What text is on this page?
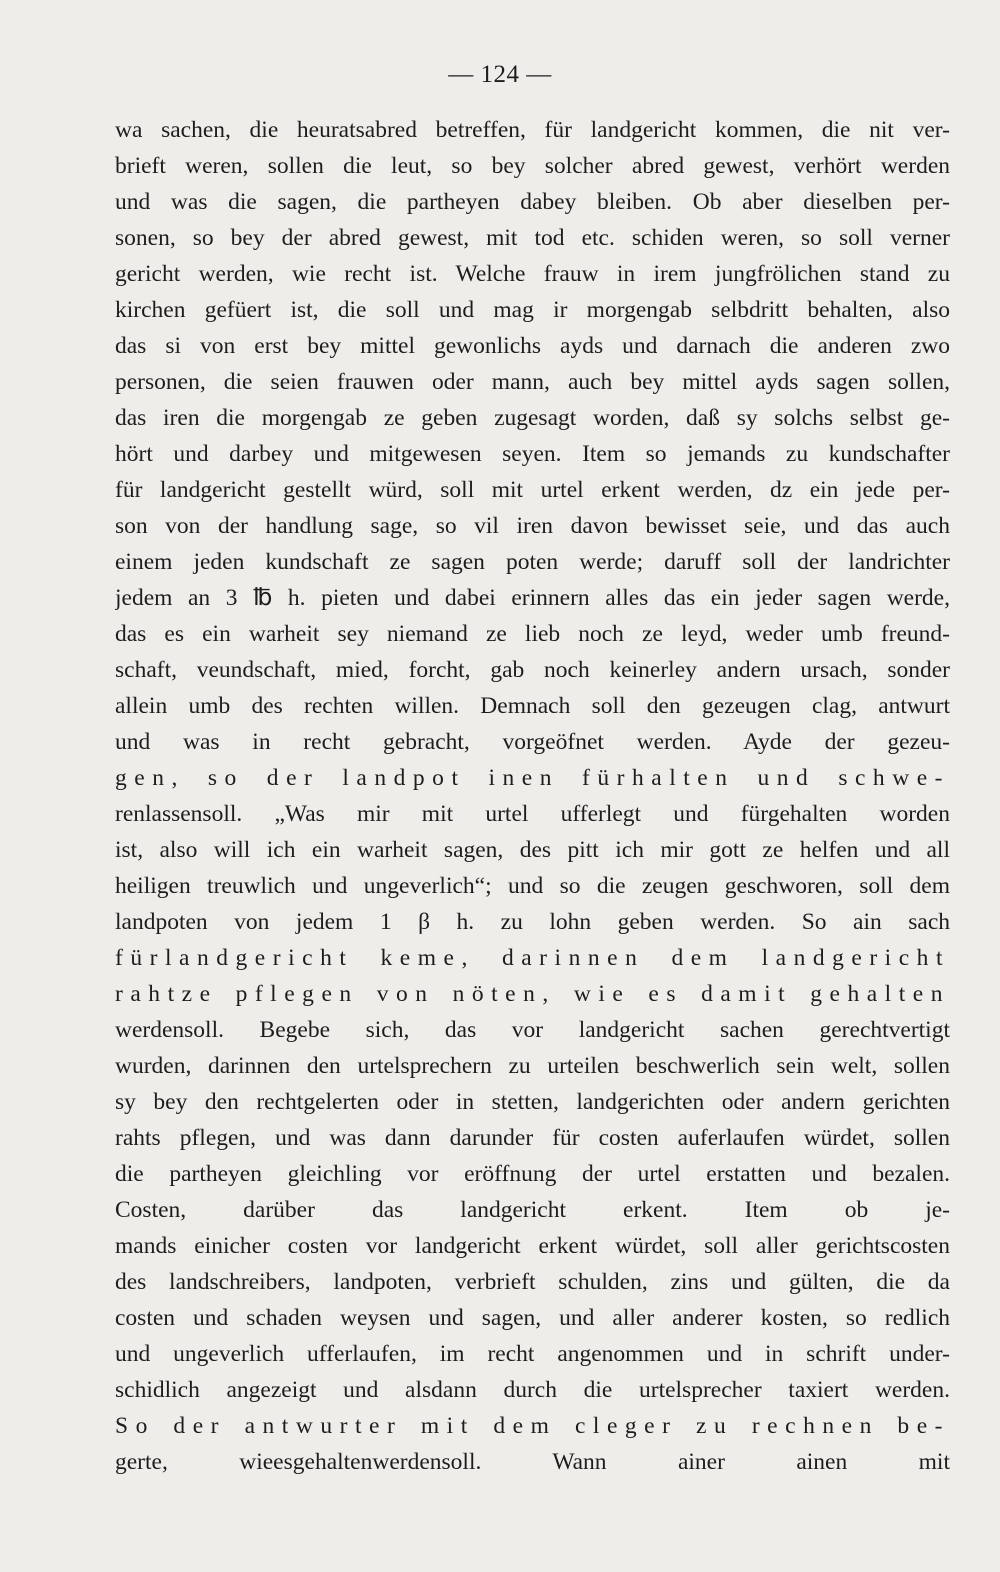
— 124 —
wa sachen, die heuratsabred betreffen, für landgericht kommen, die nit ver-
brieft weren, sollen die leut, so bey solcher abred gewest, verhört werden
und was die sagen, die partheyen dabey bleiben. Ob aber dieselben per-
sonen, so bey der abred gewest, mit tod etc. schiden weren, so soll verner
gericht werden, wie recht ist. Welche frauw in irem jungfrölichen stand zu
kirchen gefüert ist, die soll und mag ir morgengab selbdritt behalten, also
das si von erst bey mittel gewonlichs ayds und darnach die anderen zwo
personen, die seien frauwen oder mann, auch bey mittel ayds sagen sollen,
das iren die morgengab ze geben zugesagt worden, daß sy solchs selbst ge-
hört und darbey und mitgewesen seyen. Item so jemands zu kundschafter
für landgericht gestellt würd, soll mit urtel erkent werden, dz ein jede per-
son von der handlung sage, so vil iren davon bewisset seie, und das auch
einem jeden kundschaft ze sagen poten werde; daruff soll der landrichter
jedem an 3 ℔ h. pieten und dabei erinnern alles das ein jeder sagen werde,
das es ein warheit sey niemand ze lieb noch ze leyd, weder umb freund-
schaft, veundschaft, mied, forcht, gab noch keinerley andern ursach, sonder
allein umb des rechten willen. Demnach soll den gezeugen clag, antwurt
und was in recht gebracht, vorgeöfnet werden. Ayde der gezeu-
gen, so der landpot inen fürhalten und schwe-
renlassensoll. „Was mir mit urtel ufferlegt und fürgehalten worden
ist, also will ich ein warheit sagen, des pitt ich mir gott ze helfen und all
heiligen treuwlich und ungeverlich“; und so die zeugen geschworen, soll dem
landpoten von jedem 1 β h. zu lohn geben werden. So ain sach
fürlandgericht keme, darinnen dem landgericht
rahtze pflegen von nöten, wie es damit gehalten
werdensoll. Begebe sich, das vor landgericht sachen gerechtvertigt
wurden, darinnen den urtelsprechern zu urteilen beschwerlich sein welt, sollen
sy bey den rechtgelerten oder in stetten, landgerichten oder andern gerichten
rahts pflegen, und was dann darunder für costen auferlaufen würdet, sollen
die partheyen gleichling vor eröffnung der urtel erstatten und bezalen.
Costen, darüber das landgericht erkent. Item ob je-
mands einicher costen vor landgericht erkent würdet, soll aller gerichtscosten
des landschreibers, landpoten, verbrieft schulden, zins und gülten, die da
costen und schaden weysen und sagen, und aller anderer kosten, so redlich
und ungeverlich ufferlaufen, im recht angenommen und in schrift under-
schidlich angezeigt und alsdann durch die urtelsprecher taxiert werden.
So der antwurter mit dem cleger zu rechnen be-
gerte, wieesgehaltenwerdensoll. Wann ainer ainen mit
